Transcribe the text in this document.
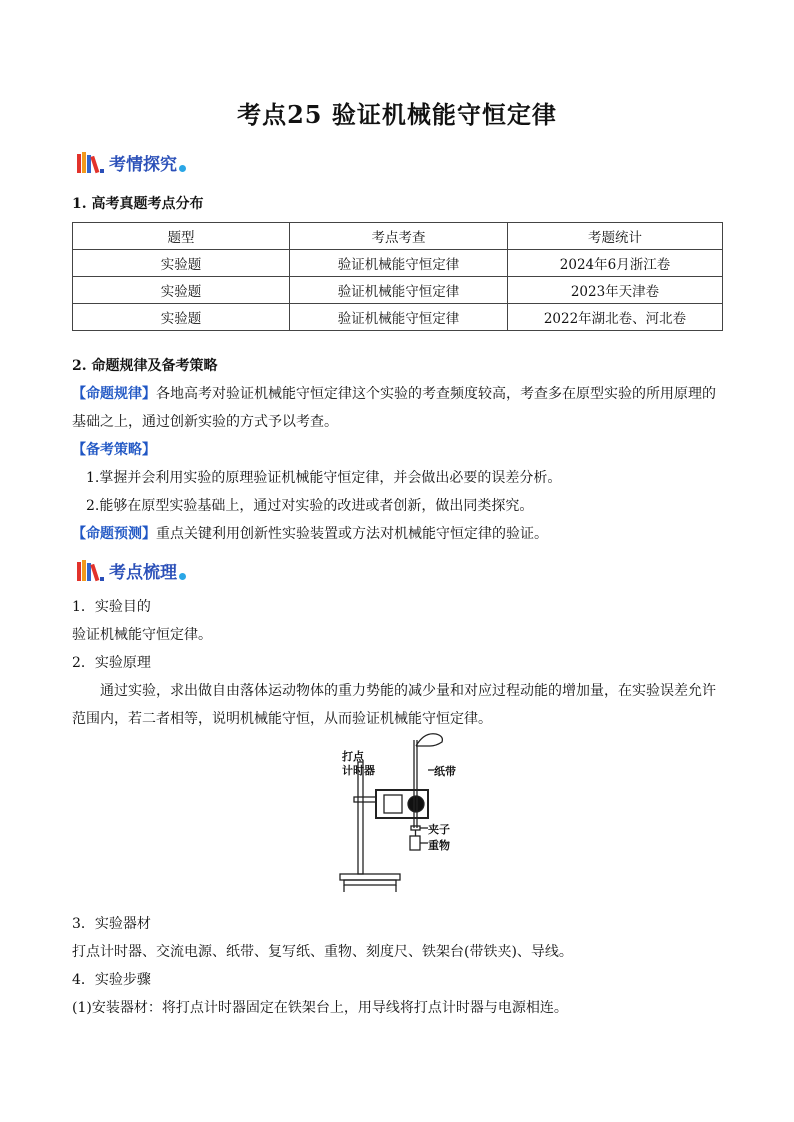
考点25 验证机械能守恒定律
考情探究
1. 高考真题考点分布
题型	考点考查	考题统计
实验题	验证机械能守恒定律	2024年6月浙江卷
实验题	验证机械能守恒定律	2023年天津卷
实验题	验证机械能守恒定律	2022年湖北卷、河北卷
2. 命题规律及备考策略
【命题规律】各地高考对验证机械能守恒定律这个实验的考查频度较高，考查多在原型实验的所用原理的
基础之上，通过创新实验的方式予以考查。
【备考策略】
1.掌握并会利用实验的原理验证机械能守恒定律，并会做出必要的误差分析。
2.能够在原型实验基础上，通过对实验的改进或者创新，做出同类探究。
【命题预测】重点关键利用创新性实验装置或方法对机械能守恒定律的验证。
考点梳理
1．实验目的
验证机械能守恒定律。
2．实验原理
通过实验，求出做自由落体运动物体的重力势能的减少量和对应过程动能的增加量，在实验误差允许
范围内，若二者相等，说明机械能守恒，从而验证机械能守恒定律。
打点
计时器	纸带
夹子
重物
3．实验器材
打点计时器、交流电源、纸带、复写纸、重物、刻度尺、铁架台(带铁夹)、导线。
4．实验步骤
(1)安装器材：将打点计时器固定在铁架台上，用导线将打点计时器与电源相连。
